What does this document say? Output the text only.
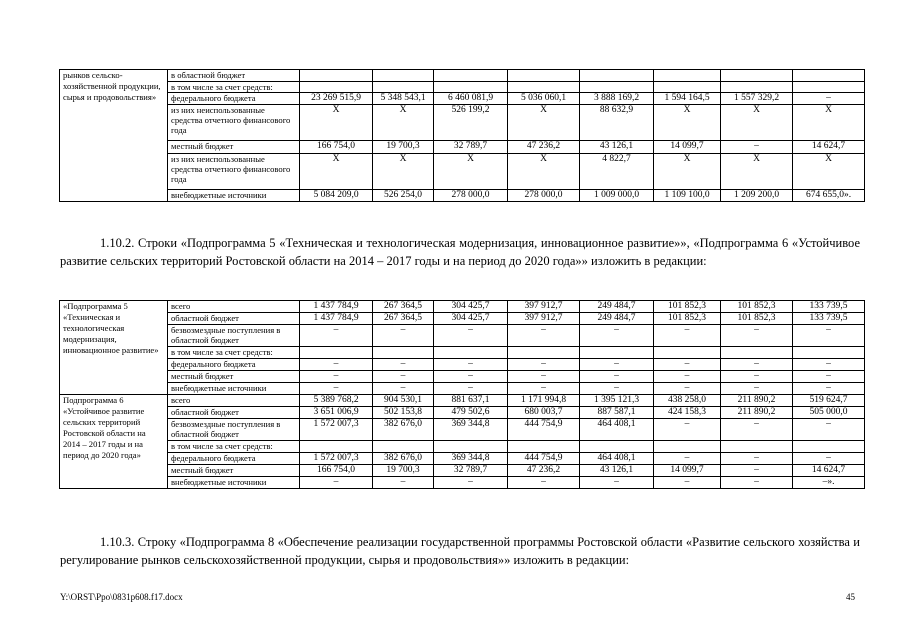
рынков сельско-хозяйственной продукции, сырья и продовольствия»	в областной бюджет								
	в том числе за счет средств:								
	федерального бюджета	23 269 515,9	5 348 543,1	6 460 081,9	5 036 060,1	3 888 169,2	1 594 164,5	1 557 329,2	–
	из них неиспользованные средства отчетного финансового года	X	X	526 199,2	X	88 632,9	X	X	X
	местный бюджет	166 754,0	19 700,3	32 789,7	47 236,2	43 126,1	14 099,7	–	14 624,7
	из них неиспользованные средства отчетного финансового года	X	X	X	X	4 822,7	X	X	X
	внебюджетные источники	5 084 209,0	526 254,0	278 000,0	278 000,0	1 009 000,0	1 109 100,0	1 209 200,0	674 655,0».

1.10.2. Строки «Подпрограмма 5 «Техническая и технологическая модернизация, инновационное развитие»», «Подпрограмма 6 «Устойчивое развитие сельских территорий Ростовской области на 2014 – 2017 годы и на период до 2020 года»» изложить в редакции:

«Подпрограмма 5 «Техническая и технологическая модернизация, инновационное развитие»	всего	1 437 784,9	267 364,5	304 425,7	397 912,7	249 484,7	101 852,3	101 852,3	133 739,5
	областной бюджет	1 437 784,9	267 364,5	304 425,7	397 912,7	249 484,7	101 852,3	101 852,3	133 739,5
	безвозмездные поступления в областной бюджет	–	–	–	–	–	–	–	–
	в том числе за счет средств:								
	федерального бюджета	–	–	–	–	–	–	–	–
	местный бюджет	–	–	–	–	–	–	–	–
	внебюджетные источники	–	–	–	–	–	–	–	–
Подпрограмма 6 «Устойчивое развитие сельских территорий Ростовской области на 2014 – 2017 годы и на период до 2020 года»	всего	5 389 768,2	904 530,1	881 637,1	1 171 994,8	1 395 121,3	438 258,0	211 890,2	519 624,7
	областной бюджет	3 651 006,9	502 153,8	479 502,6	680 003,7	887 587,1	424 158,3	211 890,2	505 000,0
	безвозмездные поступления в областной бюджет	1 572 007,3	382 676,0	369 344,8	444 754,9	464 408,1	–	–	–
	в том числе за счет средств:								
	федерального бюджета	1 572 007,3	382 676,0	369 344,8	444 754,9	464 408,1	–	–	–
	местный бюджет	166 754,0	19 700,3	32 789,7	47 236,2	43 126,1	14 099,7	–	14 624,7
	внебюджетные источники	–	–	–	–	–	–	–	–».

1.10.3. Строку «Подпрограмма 8 «Обеспечение реализации государственной программы Ростовской области «Развитие сельского хозяйства и регулирование рынков сельскохозяйственной продукции, сырья и продовольствия»» изложить в редакции:

Y:\ORST\Ppo\0831p608.f17.docx	45
